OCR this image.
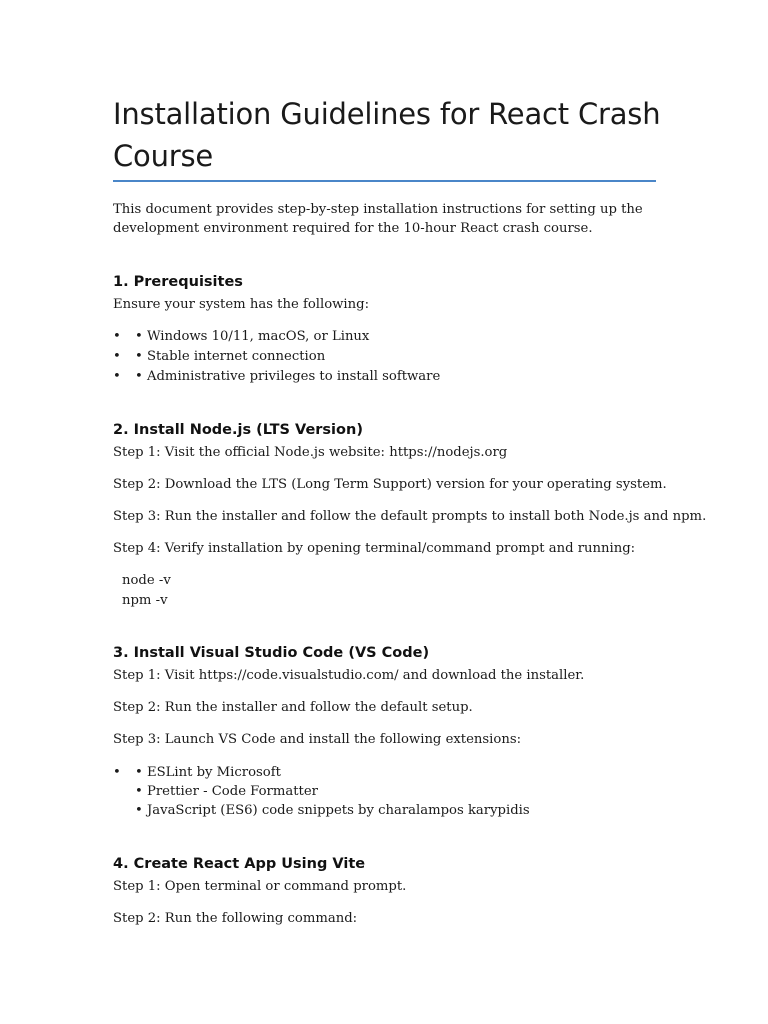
Installation Guidelines for React Crash
Course
This document provides step-by-step installation instructions for setting up the
development environment required for the 10-hour React crash course.
1. Prerequisites
Ensure your system has the following:
• • Windows 10/11, macOS, or Linux
• • Stable internet connection
• • Administrative privileges to install software
2. Install Node.js (LTS Version)
Step 1: Visit the official Node.js website: https://nodejs.org
Step 2: Download the LTS (Long Term Support) version for your operating system.
Step 3: Run the installer and follow the default prompts to install both Node.js and npm.
Step 4: Verify installation by opening terminal/command prompt and running:
node -v
npm -v
3. Install Visual Studio Code (VS Code)
Step 1: Visit https://code.visualstudio.com/ and download the installer.
Step 2: Run the installer and follow the default setup.
Step 3: Launch VS Code and install the following extensions:
• • ESLint by Microsoft
• Prettier - Code Formatter
• JavaScript (ES6) code snippets by charalampos karypidis
4. Create React App Using Vite
Step 1: Open terminal or command prompt.
Step 2: Run the following command:
